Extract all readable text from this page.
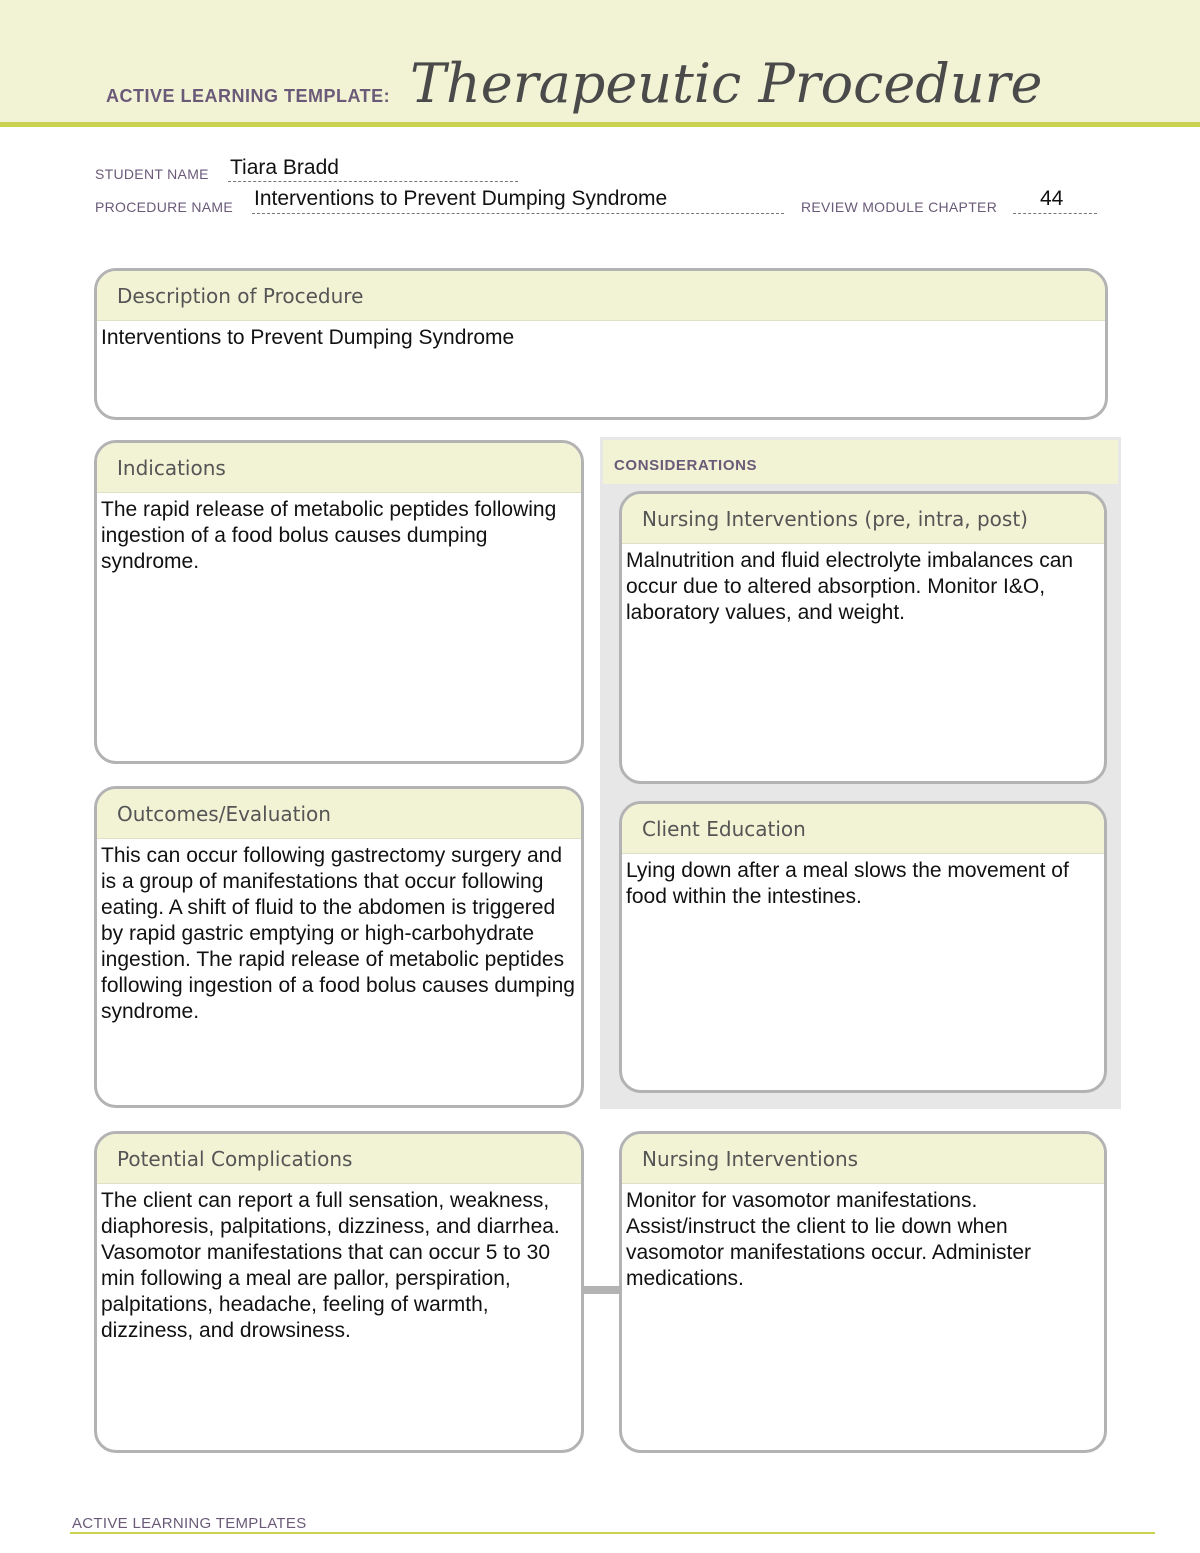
ACTIVE LEARNING TEMPLATE: Therapeutic Procedure
STUDENT NAME Tiara Bradd
PROCEDURE NAME Interventions to Prevent Dumping Syndrome	REVIEW MODULE CHAPTER 44
Description of Procedure
Interventions to Prevent Dumping Syndrome
CONSIDERATIONS
Indications
The rapid release of metabolic peptides following ingestion of a food bolus causes dumping syndrome.
Nursing Interventions (pre, intra, post)
Malnutrition and fluid electrolyte imbalances can occur due to altered absorption. Monitor I&O, laboratory values, and weight.
Outcomes/Evaluation
This can occur following gastrectomy surgery and is a group of manifestations that occur following eating. A shift of fluid to the abdomen is triggered by rapid gastric emptying or high-carbohydrate ingestion. The rapid release of metabolic peptides following ingestion of a food bolus causes dumping syndrome.
Client Education
Lying down after a meal slows the movement of food within the intestines.
Potential Complications
The client can report a full sensation, weakness, diaphoresis, palpitations, dizziness, and diarrhea. Vasomotor manifestations that can occur 5 to 30 min following a meal are pallor, perspiration, palpitations, headache, feeling of warmth, dizziness, and drowsiness.
Nursing Interventions
Monitor for vasomotor manifestations. Assist/instruct the client to lie down when vasomotor manifestations occur. Administer medications.
ACTIVE LEARNING TEMPLATES
